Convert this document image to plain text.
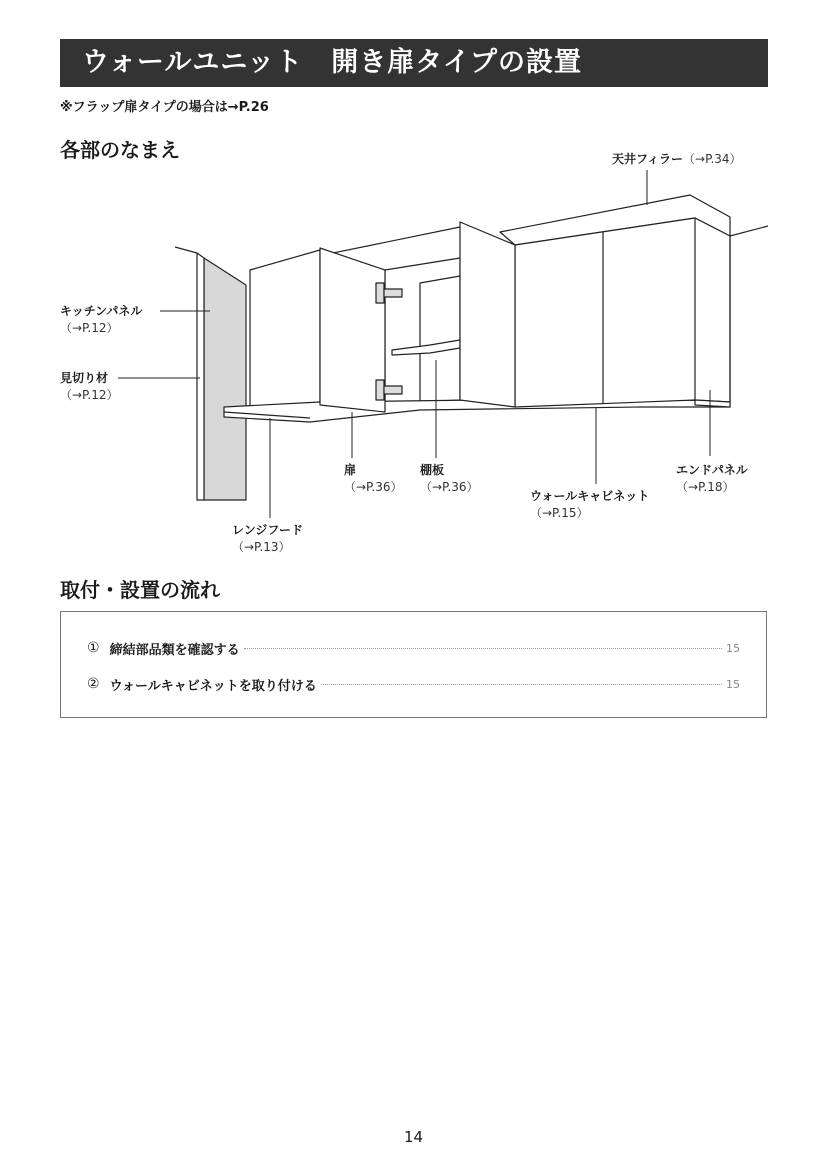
ウォールユニット　開き扉タイプの設置
※フラップ扉タイプの場合は→P.26
各部のなまえ	天井フィラー（→P.34）
キッチンパネル
（→P.12）
見切り材
（→P.12）
扉
（→P.36）
棚板
（→P.36）
ウォールキャビネット
（→P.15）
エンドパネル
（→P.18）
レンジフード
（→P.13）
取付・設置の流れ
① 締結部品類を確認する	15
② ウォールキャビネットを取り付ける	15
14
